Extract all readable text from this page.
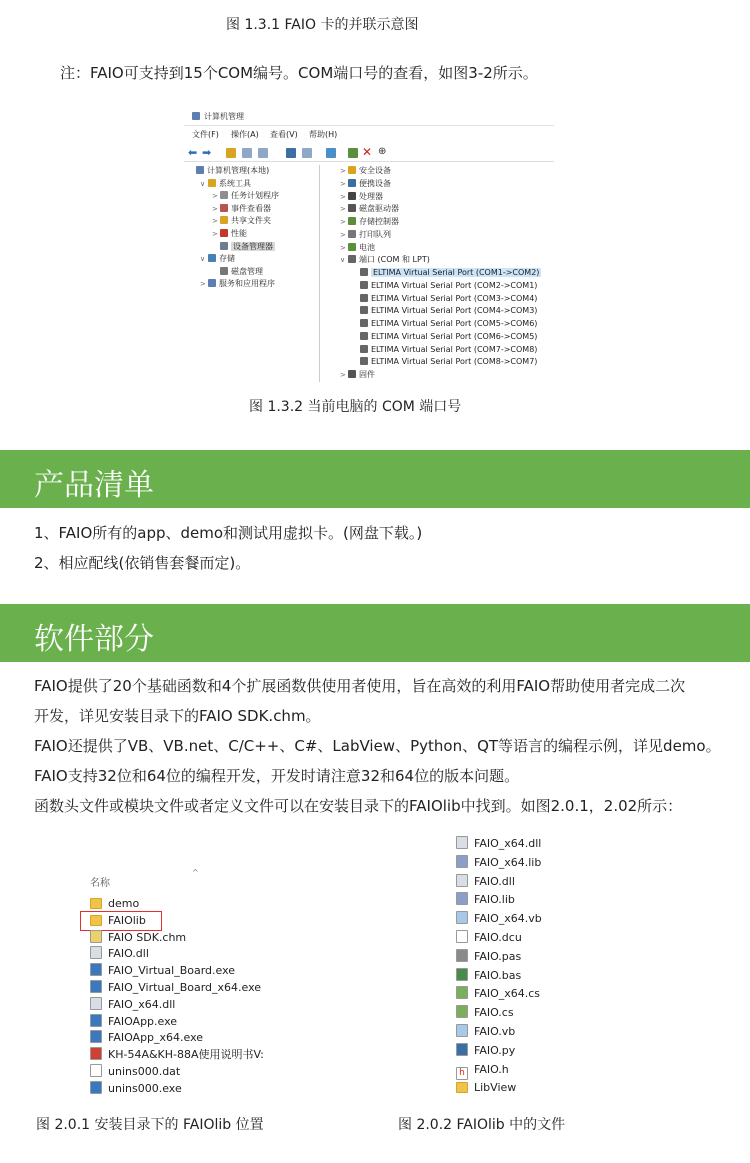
图 1.3.1 FAIO 卡的并联示意图
注：FAIO可支持到15个COM编号。COM端口号的查看，如图3-2所示。
计算机管理
文件(F) 操作(A) 查看(V) 帮助(H)
⬅ ➡	✕ ⊕
计算机管理(本地)
∨ 系统工具
> 任务计划程序
> 事件查看器
> 共享文件夹
> 性能
设备管理器
∨ 存储
磁盘管理
> 服务和应用程序
> 安全设备
> 便携设备
> 处理器
> 磁盘驱动器
> 存储控制器
> 打印队列
> 电池
∨ 端口 (COM 和 LPT)
ELTIMA Virtual Serial Port (COM1->COM2)
ELTIMA Virtual Serial Port (COM2->COM1)
ELTIMA Virtual Serial Port (COM3->COM4)
ELTIMA Virtual Serial Port (COM4->COM3)
ELTIMA Virtual Serial Port (COM5->COM6)
ELTIMA Virtual Serial Port (COM6->COM5)
ELTIMA Virtual Serial Port (COM7->COM8)
ELTIMA Virtual Serial Port (COM8->COM7)
> 固件
图 1.3.2 当前电脑的 COM 端口号
产品清单
1、FAIO所有的app、demo和测试用虚拟卡。(网盘下载。)
2、相应配线(依销售套餐而定)。
软件部分
FAIO提供了20个基础函数和4个扩展函数供使用者使用，旨在高效的利用FAIO帮助使用者完成二次
开发，详见安装目录下的FAIO SDK.chm。
FAIO还提供了VB、VB.net、C/C++、C#、LabView、Python、QT等语言的编程示例，详见demo。
FAIO支持32位和64位的编程开发，开发时请注意32和64位的版本问题。
函数头文件或模块文件或者定义文件可以在安装目录下的FAIOlib中找到。如图2.0.1，2.02所示：
名称
^
demo
FAIOlib
FAIO SDK.chm
FAIO.dll
FAIO_Virtual_Board.exe
FAIO_Virtual_Board_x64.exe
FAIO_x64.dll
FAIOApp.exe
FAIOApp_x64.exe
KH-54A&KH-88A使用说明书V:
unins000.dat
unins000.exe
FAIO_x64.dll
FAIO_x64.lib
FAIO.dll
FAIO.lib
FAIO_x64.vb
FAIO.dcu
FAIO.pas
FAIO.bas
FAIO_x64.cs
FAIO.cs
FAIO.vb
FAIO.py
h FAIO.h
LibView
图 2.0.1 安装目录下的 FAIOlib 位置	图 2.0.2 FAIOlib 中的文件
